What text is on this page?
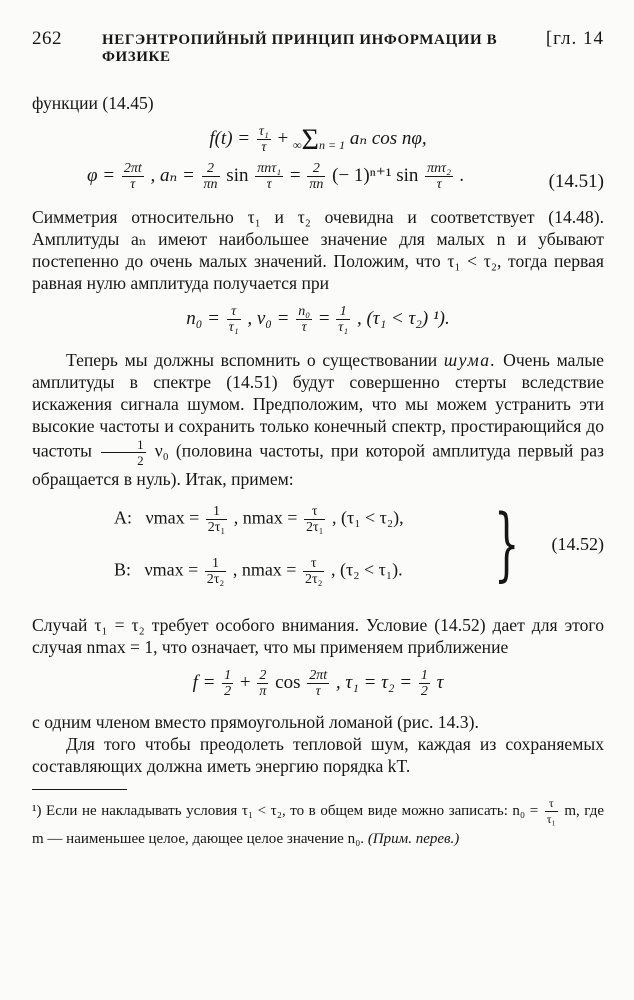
262	НЕГЭНТРОПИЙНЫЙ ПРИНЦИП ИНФОРМАЦИИ В ФИЗИКЕ
[гл. 14

функции (14.45)

$f(t) = \frac{\text{τ₁}}{\tau} + \infty\Sigma n = 1$ aₙ cos nφ,
$\varphi = \frac{2\pi t}{\tau}$ , $a_n = \frac{2}{\pi n}$ $\sin \frac{\text{πnτ₁}}{\tau} = \frac{2}{\pi n}$ (− 1)ⁿ⁺¹ $\sin \frac{\text{πnτ₂}}{\tau}$ .	(14.51)

Симметрия относительно τ₁ и τ₂ очевидна и соответствует (14.48). Амплитуды aₙ имеют наибольшее значение для малых n и убывают постепенно до очень малых значений. Положим, что τ₁ < τ₂, тогда первая равная нулю амплитуда получается при

$n_0 = \frac{\tau}{\text{τ₁}}$ , $\nu_0 = \frac{\text{n₀}}{\tau} = \frac{1}{\text{τ₁}}$ , (τ₁ < τ₂) ¹).

Теперь мы должны вспомнить о существовании шума. Очень малые амплитуды в спектре (14.51) будут совершенно стерты вследствие искажения сигнала шумом. Предположим, что мы можем устранить эти высокие частоты и сохранить только конечный спектр, простирающийся до частоты $\frac{1}{2} \nu_0$ (половина частоты, при которой амплитуда первый раз обращается в нуль). Итак, примем:

A: $\nu\max = \frac{1}{\text{2τ₁}}$ , $nmax = \frac{\tau}{\text{2τ₁}}$ , (τ₁ < τ₂),
B: $\nu\max = \frac{1}{\text{2τ₂}}$ , $nmax = \frac{\tau}{\text{2τ₂}}$ , (τ₂ < τ₁). } (14.52)

Случай τ₁ = τ₂ требует особого внимания. Условие (14.52) дает для этого случая nmax = 1, что означает, что мы применяем приближение

$f = \frac{1}{2} + \frac{2}{\pi}$ $\cos \frac{2\pi t}{\tau}$ , $\tau_1 = \tau_2 = \frac{1}{2}$ τ

с одним членом вместо прямоугольной ломаной (рис. 14.3).

Для того чтобы преодолеть тепловой шум, каждая из сохраняемых составляющих должна иметь энергию порядка kT.

¹) Если не накладывать условия τ₁ < τ₂, то в общем виде можно записать: $n_0 = \frac{\tau}{\text{τ₁}} m$, где m — наименьшее целое, дающее целое значение n₀. (Прим. перев.)
